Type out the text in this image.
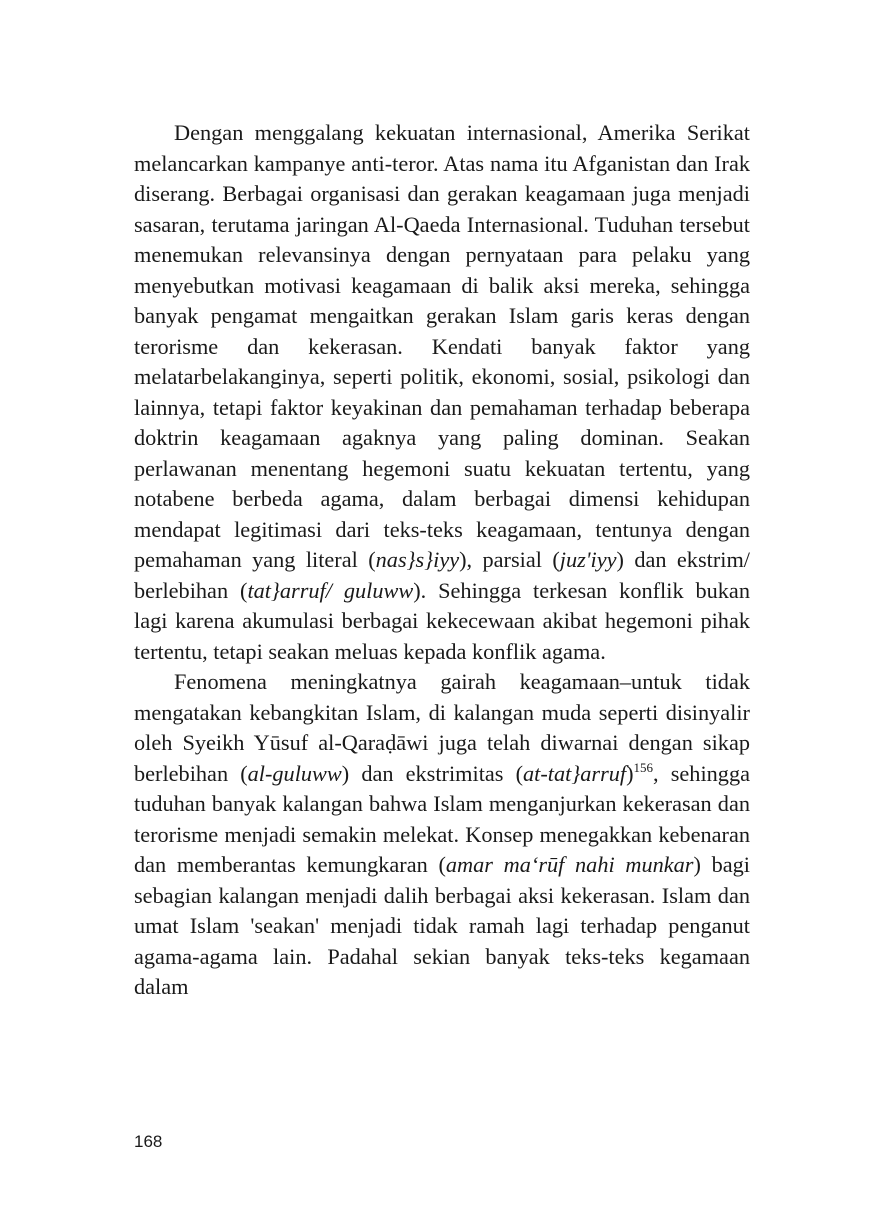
Dengan menggalang kekuatan internasional, Amerika Serikat melancarkan kampanye anti-teror. Atas nama itu Afganistan dan Irak diserang. Berbagai organisasi dan gerakan keagamaan juga menjadi sasaran, terutama jaringan Al-Qaeda Internasional. Tuduhan tersebut menemukan relevansinya dengan pernyataan para pelaku yang menyebutkan motivasi keagamaan di balik aksi mereka, sehingga banyak pengamat mengaitkan gerakan Islam garis keras dengan terorisme dan kekerasan. Kendati banyak faktor yang melatarbelakanginya, seperti politik, ekonomi, sosial, psikologi dan lainnya, tetapi faktor keyakinan dan pemahaman terhadap beberapa doktrin keagamaan agaknya yang paling dominan. Seakan perlawanan menentang hegemoni suatu kekuatan tertentu, yang notabene berbeda agama, dalam berbagai dimensi kehidupan mendapat legitimasi dari teks-teks keagamaan, tentunya dengan pemahaman yang literal (nas}s}iyy), parsial (juz'iyy) dan ekstrim/ berlebihan (tat}arruf/ guluww). Sehingga terkesan konflik bukan lagi karena akumulasi berbagai kekecewaan akibat hegemoni pihak tertentu, tetapi seakan meluas kepada konflik agama.

Fenomena meningkatnya gairah keagamaan–untuk tidak mengatakan kebangkitan Islam, di kalangan muda seperti disinyalir oleh Syeikh Yūsuf al-Qaraḍāwi juga telah diwarnai dengan sikap berlebihan (al-guluww) dan ekstrimitas (at-tat}arruf)$^{156}$, sehingga tuduhan banyak kalangan bahwa Islam menganjurkan kekerasan dan terorisme menjadi semakin melekat. Konsep menegakkan kebenaran dan memberantas kemungkaran (amar ma‘rūf nahi munkar) bagi sebagian kalangan menjadi dalih berbagai aksi kekerasan. Islam dan umat Islam 'seakan' menjadi tidak ramah lagi terhadap penganut agama-agama lain. Padahal sekian banyak teks-teks kegamaan dalam

168
